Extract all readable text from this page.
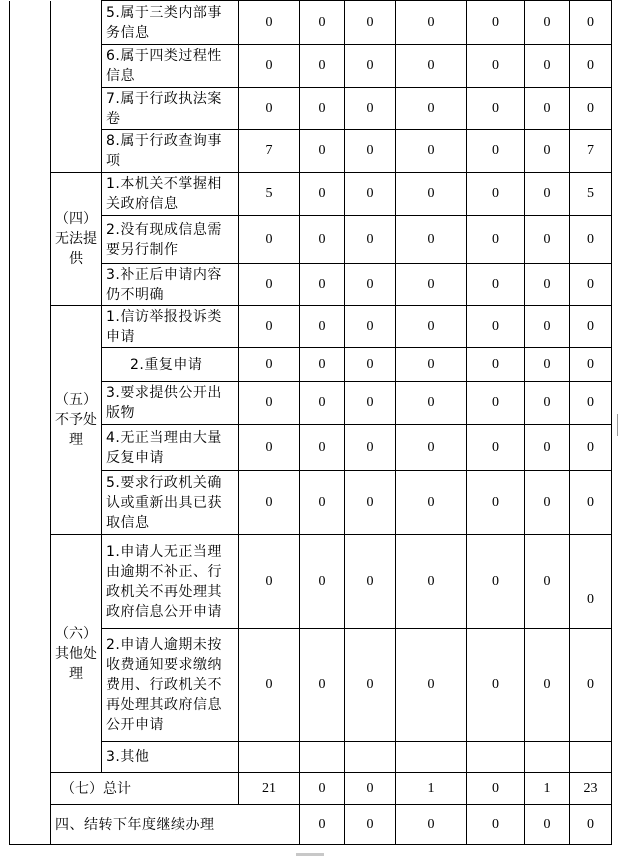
		5.属于三类内部事务信息	0	0	0	0	0	0	0	
		6.属于四类过程性信息	0	0	0	0	0	0	0	
		7.属于行政执法案卷	0	0	0	0	0	0	0	
		8.属于行政查询事项	7	0	0	0	0	0	7	
	（四）无法提供	1.本机关不掌握相关政府信息	5	0	0	0	0	0	5	
		2.没有现成信息需要另行制作	0	0	0	0	0	0	0	
		3.补正后申请内容仍不明确	0	0	0	0	0	0	0	
	（五）不予处理	1.信访举报投诉类申请	0	0	0	0	0	0	0	
		2.重复申请	0	0	0	0	0	0	0	
		3.要求提供公开出版物	0	0	0	0	0	0	0	
		4.无正当理由大量反复申请	0	0	0	0	0	0	0	
		5.要求行政机关确认或重新出具已获取信息	0	0	0	0	0	0	0	
	（六）其他处理	1.申请人无正当理由逾期不补正、行政机关不再处理其政府信息公开申请	0	0	0	0	0	0	0	
		2.申请人逾期未按收费通知要求缴纳费用、行政机关不再处理其政府信息公开申请	0	0	0	0	0	0	0	
		3.其他								
	（七）总计		21	0	0	1	0	1	23	
	四、结转下年度继续办理			0	0	0	0	0	0	
